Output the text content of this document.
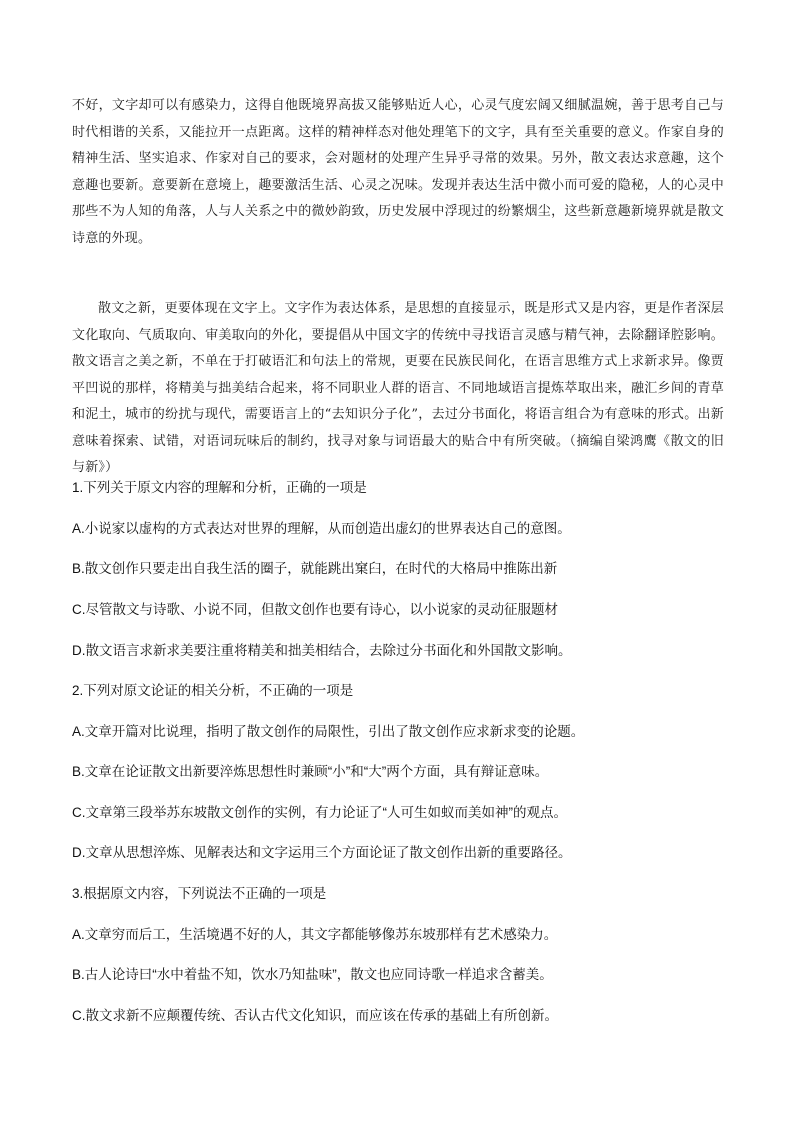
不好，文字却可以有感染力，这得自他既境界高拔又能够贴近人心，心灵气度宏阔又细腻温婉，善于思考自己与时代相谐的关系，又能拉开一点距离。这样的精神样态对他处理笔下的文字，具有至关重要的意义。作家自身的精神生活、坚实追求、作家对自己的要求，会对题材的处理产生异乎寻常的效果。另外，散文表达求意趣，这个意趣也要新。意要新在意境上，趣要激活生活、心灵之况味。发现并表达生活中微小而可爱的隐秘，人的心灵中那些不为人知的角落，人与人关系之中的微妙韵致，历史发展中浮现过的纷繁烟尘，这些新意趣新境界就是散文诗意的外现。

散文之新，更要体现在文字上。文字作为表达体系，是思想的直接显示，既是形式又是内容，更是作者深层文化取向、气质取向、审美取向的外化，要提倡从中国文字的传统中寻找语言灵感与精气神，去除翻译腔影响。散文语言之美之新，不单在于打破语汇和句法上的常规，更要在民族民间化，在语言思维方式上求新求异。像贾平凹说的那样，将精美与拙美结合起来，将不同职业人群的语言、不同地域语言提炼萃取出来，融汇乡间的青草和泥土，城市的纷扰与现代，需要语言上的“去知识分子化”，去过分书面化，将语言组合为有意味的形式。出新意味着探索、试错，对语词玩味后的制约，找寻对象与词语最大的贴合中有所突破。（摘编自梁鸿鹰《散文的旧与新》）

1.下列关于原文内容的理解和分析，正确的一项是

A.小说家以虚构的方式表达对世界的理解，从而创造出虚幻的世界表达自己的意图。

B.散文创作只要走出自我生活的圈子，就能跳出窠臼，在时代的大格局中推陈出新

C.尽管散文与诗歌、小说不同，但散文创作也要有诗心，以小说家的灵动征服题材

D.散文语言求新求美要注重将精美和拙美相结合，去除过分书面化和外国散文影响。

2.下列对原文论证的相关分析，不正确的一项是

A.文章开篇对比说理，指明了散文创作的局限性，引出了散文创作应求新求变的论题。

B.文章在论证散文出新要淬炼思想性时兼顾“小”和“大”两个方面，具有辩证意味。

C.文章第三段举苏东坡散文创作的实例，有力论证了“人可生如蚁而美如神”的观点。

D.文章从思想淬炼、见解表达和文字运用三个方面论证了散文创作出新的重要路径。

3.根据原文内容，下列说法不正确的一项是

A.文章穷而后工，生活境遇不好的人，其文字都能够像苏东坡那样有艺术感染力。

B.古人论诗曰“水中着盐不知，饮水乃知盐味”，散文也应同诗歌一样追求含蓄美。

C.散文求新不应颠覆传统、否认古代文化知识，而应该在传承的基础上有所创新。
